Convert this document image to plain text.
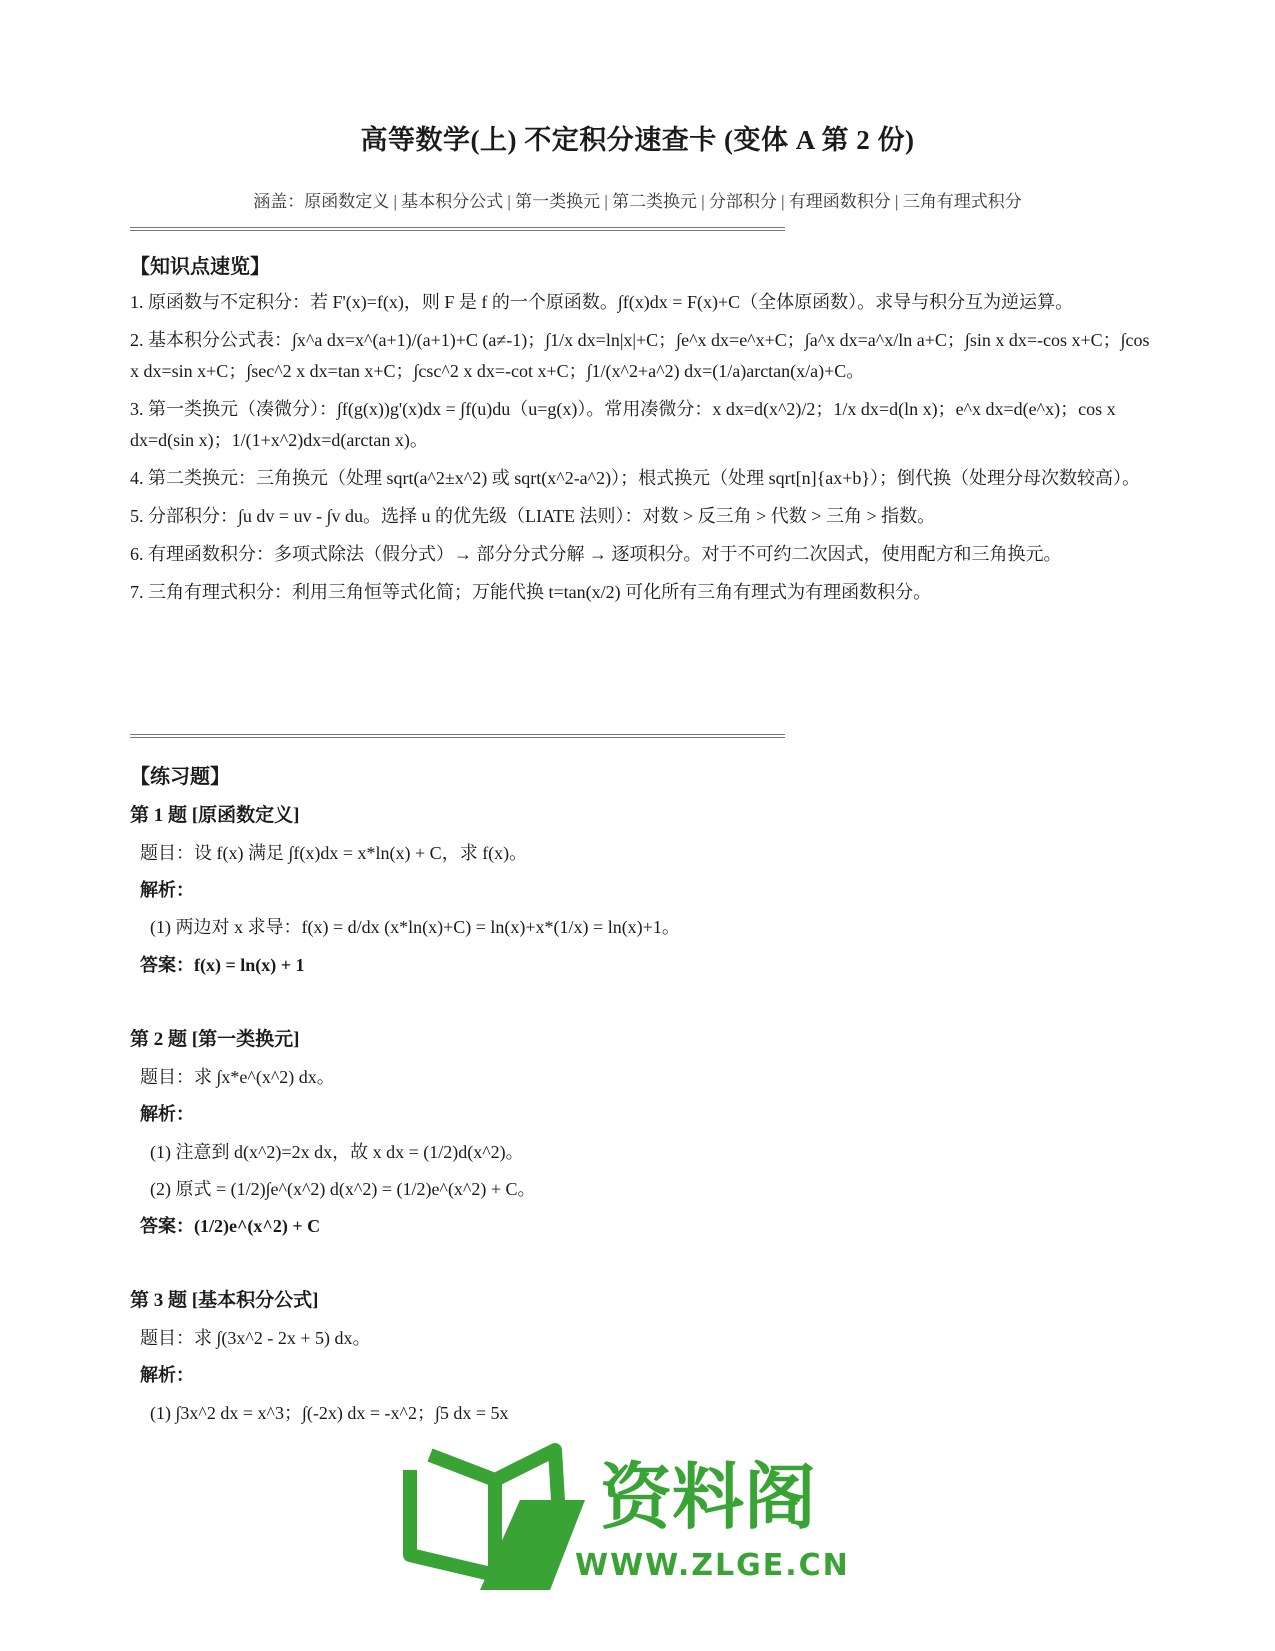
高等数学(上) 不定积分速查卡 (变体 A 第 2 份)
涵盖：原函数定义 | 基本积分公式 | 第一类换元 | 第二类换元 | 分部积分 | 有理函数积分 | 三角有理式积分
【知识点速览】

1. 原函数与不定积分：若 F'(x)=f(x)，则 F 是 f 的一个原函数。∫f(x)dx = F(x)+C（全体原函数）。求导与积分互为逆运算。

2. 基本积分公式表：∫x^a dx=x^(a+1)/(a+1)+C (a≠-1)；∫1/x dx=ln|x|+C；∫e^x dx=e^x+C；∫a^x dx=a^x/ln a+C；∫sin x dx=-cos x+C；∫cos x dx=sin x+C；∫sec^2 x dx=tan x+C；∫csc^2 x dx=-cot x+C；∫1/(x^2+a^2) dx=(1/a)arctan(x/a)+C。

3. 第一类换元（凑微分）：∫f(g(x))g'(x)dx = ∫f(u)du（u=g(x)）。常用凑微分：x dx=d(x^2)/2；1/x dx=d(ln x)；e^x dx=d(e^x)；cos x dx=d(sin x)；1/(1+x^2)dx=d(arctan x)。

4. 第二类换元：三角换元（处理 sqrt(a^2±x^2) 或 sqrt(x^2-a^2)）；根式换元（处理 sqrt[n]{ax+b}）；倒代换（处理分母次数较高）。

5. 分部积分：∫u dv = uv - ∫v du。选择 u 的优先级（LIATE 法则）：对数 > 反三角 > 代数 > 三角 > 指数。

6. 有理函数积分：多项式除法（假分式）→ 部分分式分解 → 逐项积分。对于不可约二次因式，使用配方和三角换元。

7. 三角有理式积分：利用三角恒等式化简；万能代换 t=tan(x/2) 可化所有三角有理式为有理函数积分。

【练习题】
第 1 题 [原函数定义]
题目：设 f(x) 满足 ∫f(x)dx = x*ln(x) + C，求 f(x)。
解析：
(1) 两边对 x 求导：f(x) = d/dx (x*ln(x)+C) = ln(x)+x*(1/x) = ln(x)+1。
答案：f(x) = ln(x) + 1
第 2 题 [第一类换元]
题目：求 ∫x*e^(x^2) dx。
解析：
(1) 注意到 d(x^2)=2x dx，故 x dx = (1/2)d(x^2)。
(2) 原式 = (1/2)∫e^(x^2) d(x^2) = (1/2)e^(x^2) + C。
答案：(1/2)e^(x^2) + C
第 3 题 [基本积分公式]
题目：求 ∫(3x^2 - 2x + 5) dx。
解析：
(1) ∫3x^2 dx = x^3；∫(-2x) dx = -x^2；∫5 dx = 5x
资料阁
WWW.ZLGE.CN
